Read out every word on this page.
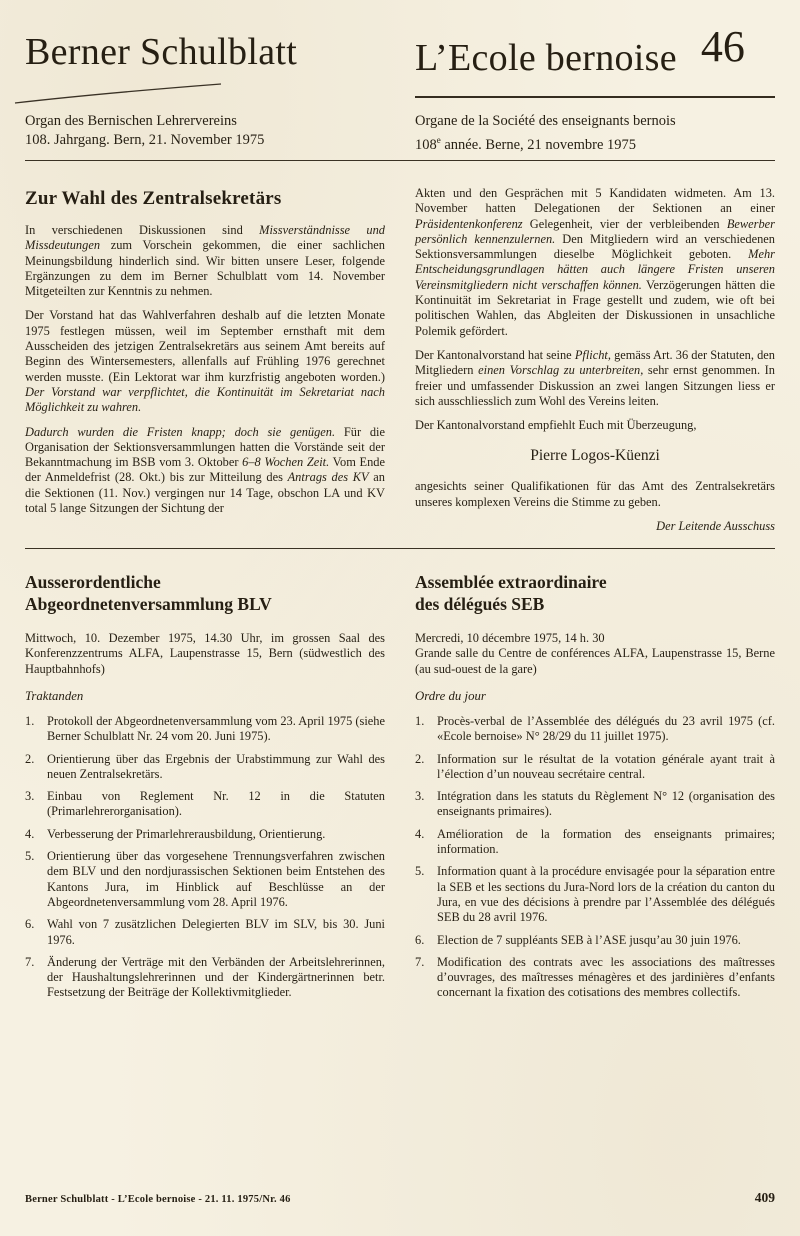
Berner Schulblatt	L’Ecole bernoise 46

Organ des Bernischen Lehrervereins

108. Jahrgang. Bern, 21. November 1975

Organe de la Société des enseignants bernois

108e année. Berne, 21 novembre 1975

Zur Wahl des Zentralsekretärs

In verschiedenen Diskussionen sind Missverständnisse und Missdeutungen zum Vorschein gekommen, die einer sachlichen Meinungsbildung hinderlich sind. Wir bitten unsere Leser, folgende Ergänzungen zu dem im Berner Schulblatt vom 14. November Mitgeteilten zur Kenntnis zu nehmen.

Der Vorstand hat das Wahlverfahren deshalb auf die letzten Monate 1975 festlegen müssen, weil im September ernsthaft mit dem Ausscheiden des jetzigen Zentralsekretärs aus seinem Amt bereits auf Beginn des Wintersemesters, allenfalls auf Frühling 1976 gerechnet werden musste. (Ein Lektorat war ihm kurzfristig angeboten worden.) Der Vorstand war verpflichtet, die Kontinuität im Sekretariat nach Möglichkeit zu wahren.

Dadurch wurden die Fristen knapp; doch sie genügen. Für die Organisation der Sektionsversammlungen hatten die Vorstände seit der Bekanntmachung im BSB vom 3. Oktober 6–8 Wochen Zeit. Vom Ende der Anmeldefrist (28. Okt.) bis zur Mitteilung des Antrags des KV an die Sektionen (11. Nov.) vergingen nur 14 Tage, obschon LA und KV total 5 lange Sitzungen der Sichtung der

Akten und den Gesprächen mit 5 Kandidaten widmeten. Am 13. November hatten Delegationen der Sektionen an einer Präsidentenkonferenz Gelegenheit, vier der verbleibenden Bewerber persönlich kennenzulernen. Den Mitgliedern wird an verschiedenen Sektionsversammlungen dieselbe Möglichkeit geboten. Mehr Entscheidungsgrundlagen hätten auch längere Fristen unseren Vereinsmitgliedern nicht verschaffen können. Verzögerungen hätten die Kontinuität im Sekretariat in Frage gestellt und zudem, wie oft bei politischen Wahlen, das Abgleiten der Diskussionen in unsachliche Polemik gefördert.

Der Kantonalvorstand hat seine Pflicht, gemäss Art. 36 der Statuten, den Mitgliedern einen Vorschlag zu unterbreiten, sehr ernst genommen. In freier und umfassender Diskussion an zwei langen Sitzungen liess er sich ausschliesslich zum Wohl des Vereins leiten.

Der Kantonalvorstand empfiehlt Euch mit Überzeugung,

Pierre Logos-Küenzi

angesichts seiner Qualifikationen für das Amt des Zentralsekretärs unseres komplexen Vereins die Stimme zu geben.

Der Leitende Ausschuss

Ausserordentliche
Abgeordnetenversammlung BLV

Mittwoch, 10. Dezember 1975, 14.30 Uhr, im grossen Saal des Konferenzzentrums ALFA, Laupenstrasse 15, Bern (südwestlich des Hauptbahnhofs)

Traktanden

1.	Protokoll der Abgeordnetenversammlung vom 23. April 1975 (siehe Berner Schulblatt Nr. 24 vom 20. Juni 1975).
2.	Orientierung über das Ergebnis der Urabstimmung zur Wahl des neuen Zentralsekretärs.
3.	Einbau von Reglement Nr. 12 in die Statuten (Primarlehrerorganisation).
4.	Verbesserung der Primarlehrerausbildung, Orientierung.
5.	Orientierung über das vorgesehene Trennungsverfahren zwischen dem BLV und den nordjurassischen Sektionen beim Entstehen des Kantons Jura, im Hinblick auf Beschlüsse an der Abgeordnetenversammlung vom 28. April 1976.
6.	Wahl von 7 zusätzlichen Delegierten BLV im SLV, bis 30. Juni 1976.
7.	Änderung der Verträge mit den Verbänden der Arbeitslehrerinnen, der Haushaltungslehrerinnen und der Kindergärtnerinnen betr. Festsetzung der Beiträge der Kollektivmitglieder.
Assemblée extraordinaire
des délégués SEB

Mercredi, 10 décembre 1975, 14 h. 30

Grande salle du Centre de conférences ALFA, Laupenstrasse 15, Berne (au sud-ouest de la gare)

Ordre du jour

1.	Procès-verbal de l’Assemblée des délégués du 23 avril 1975 (cf. «Ecole bernoise» N° 28/29 du 11 juillet 1975).
2.	Information sur le résultat de la votation générale ayant trait à l’élection d’un nouveau secrétaire central.
3.	Intégration dans les statuts du Règlement N° 12 (organisation des enseignants primaires).
4.	Amélioration de la formation des enseignants primaires; information.
5.	Information quant à la procédure envisagée pour la séparation entre la SEB et les sections du Jura-Nord lors de la création du canton du Jura, en vue des décisions à prendre par l’Assemblée des délégués SEB du 28 avril 1976.
6.	Election de 7 suppléants SEB à l’ASE jusqu’au 30 juin 1976.
7.	Modification des contrats avec les associations des maîtresses d’ouvrages, des maîtresses ménagères et des jardinières d’enfants concernant la fixation des cotisations des membres collectifs.
Berner Schulblatt - L’Ecole bernoise - 21. 11. 1975/Nr. 46	409
